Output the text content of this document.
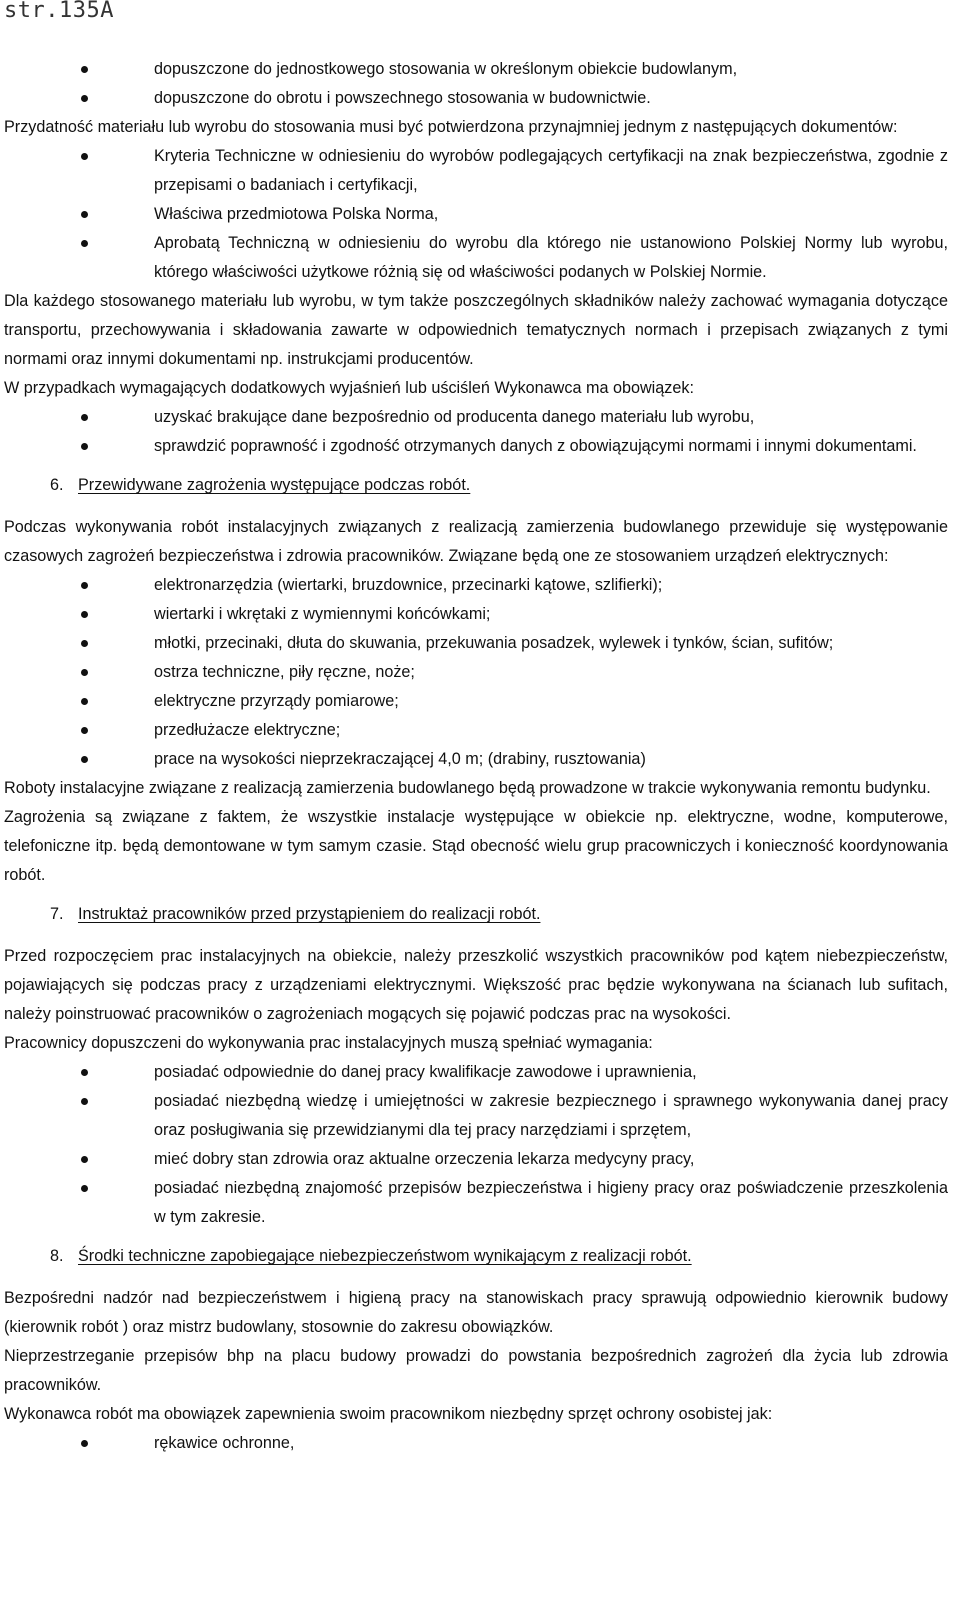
str.135A
dopuszczone do jednostkowego stosowania w określonym obiekcie budowlanym,
dopuszczone do obrotu i powszechnego stosowania w budownictwie.

Przydatność materiału lub wyrobu do stosowania musi być potwierdzona przynajmniej jednym z następujących dokumentów:

Kryteria Techniczne w odniesieniu do wyrobów podlegających certyfikacji na znak bezpieczeństwa, zgodnie z przepisami o badaniach i certyfikacji,
Właściwa przedmiotowa Polska Norma,
Aprobatą Techniczną w odniesieniu do wyrobu dla którego nie ustanowiono Polskiej Normy lub wyrobu, którego właściwości użytkowe różnią się od właściwości podanych w Polskiej Normie.

Dla każdego stosowanego materiału lub wyrobu, w tym także poszczególnych składników należy zachować wymagania dotyczące transportu, przechowywania i składowania zawarte w odpowiednich tematycznych normach i przepisach związanych z tymi normami oraz innymi dokumentami np. instrukcjami producentów.

W przypadkach wymagających dodatkowych wyjaśnień lub uściśleń Wykonawca ma obowiązek:

uzyskać brakujące dane bezpośrednio od producenta danego materiału lub wyrobu,
sprawdzić poprawność i zgodność otrzymanych danych z obowiązującymi normami i innymi dokumentami.
6. Przewidywane zagrożenia występujące podczas robót.

Podczas wykonywania robót instalacyjnych związanych z realizacją zamierzenia budowlanego przewiduje się występowanie czasowych zagrożeń bezpieczeństwa i zdrowia pracowników. Związane będą one ze stosowaniem urządzeń elektrycznych:

elektronarzędzia (wiertarki, bruzdownice, przecinarki kątowe, szlifierki);
wiertarki i wkrętaki z wymiennymi końcówkami;
młotki, przecinaki, dłuta do skuwania, przekuwania posadzek, wylewek i tynków, ścian, sufitów;
ostrza techniczne, piły ręczne, noże;
elektryczne przyrządy pomiarowe;
przedłużacze elektryczne;
prace na wysokości nieprzekraczającej 4,0 m; (drabiny, rusztowania)

Roboty instalacyjne związane z realizacją zamierzenia budowlanego będą prowadzone w trakcie wykonywania remontu budynku.

Zagrożenia są związane z faktem, że wszystkie instalacje występujące w obiekcie np. elektryczne, wodne, komputerowe, telefoniczne itp. będą demontowane w tym samym czasie. Stąd obecność wielu grup pracowniczych i konieczność koordynowania robót.

7. Instruktaż pracowników przed przystąpieniem do realizacji robót.

Przed rozpoczęciem prac instalacyjnych na obiekcie, należy przeszkolić wszystkich pracowników pod kątem niebezpieczeństw, pojawiających się podczas pracy z urządzeniami elektrycznymi. Większość prac będzie wykonywana na ścianach lub sufitach, należy poinstruować pracowników o zagrożeniach mogących się pojawić podczas prac na wysokości.

Pracownicy dopuszczeni do wykonywania prac instalacyjnych muszą spełniać wymagania:

posiadać odpowiednie do danej pracy kwalifikacje zawodowe i uprawnienia,
posiadać niezbędną wiedzę i umiejętności w zakresie bezpiecznego i sprawnego wykonywania danej pracy oraz posługiwania się przewidzianymi dla tej pracy narzędziami i sprzętem,
mieć dobry stan zdrowia oraz aktualne orzeczenia lekarza medycyny pracy,
posiadać niezbędną znajomość przepisów bezpieczeństwa i higieny pracy oraz poświadczenie przeszkolenia w tym zakresie.
8. Środki techniczne zapobiegające niebezpieczeństwom wynikającym z realizacji robót.

Bezpośredni nadzór nad bezpieczeństwem i higieną pracy na stanowiskach pracy sprawują odpowiednio kierownik budowy (kierownik robót ) oraz mistrz budowlany, stosownie do zakresu obowiązków.

Nieprzestrzeganie przepisów bhp na placu budowy prowadzi do powstania bezpośrednich zagrożeń dla życia lub zdrowia pracowników.

Wykonawca robót ma obowiązek zapewnienia swoim pracownikom niezbędny sprzęt ochrony osobistej jak:

rękawice ochronne,
